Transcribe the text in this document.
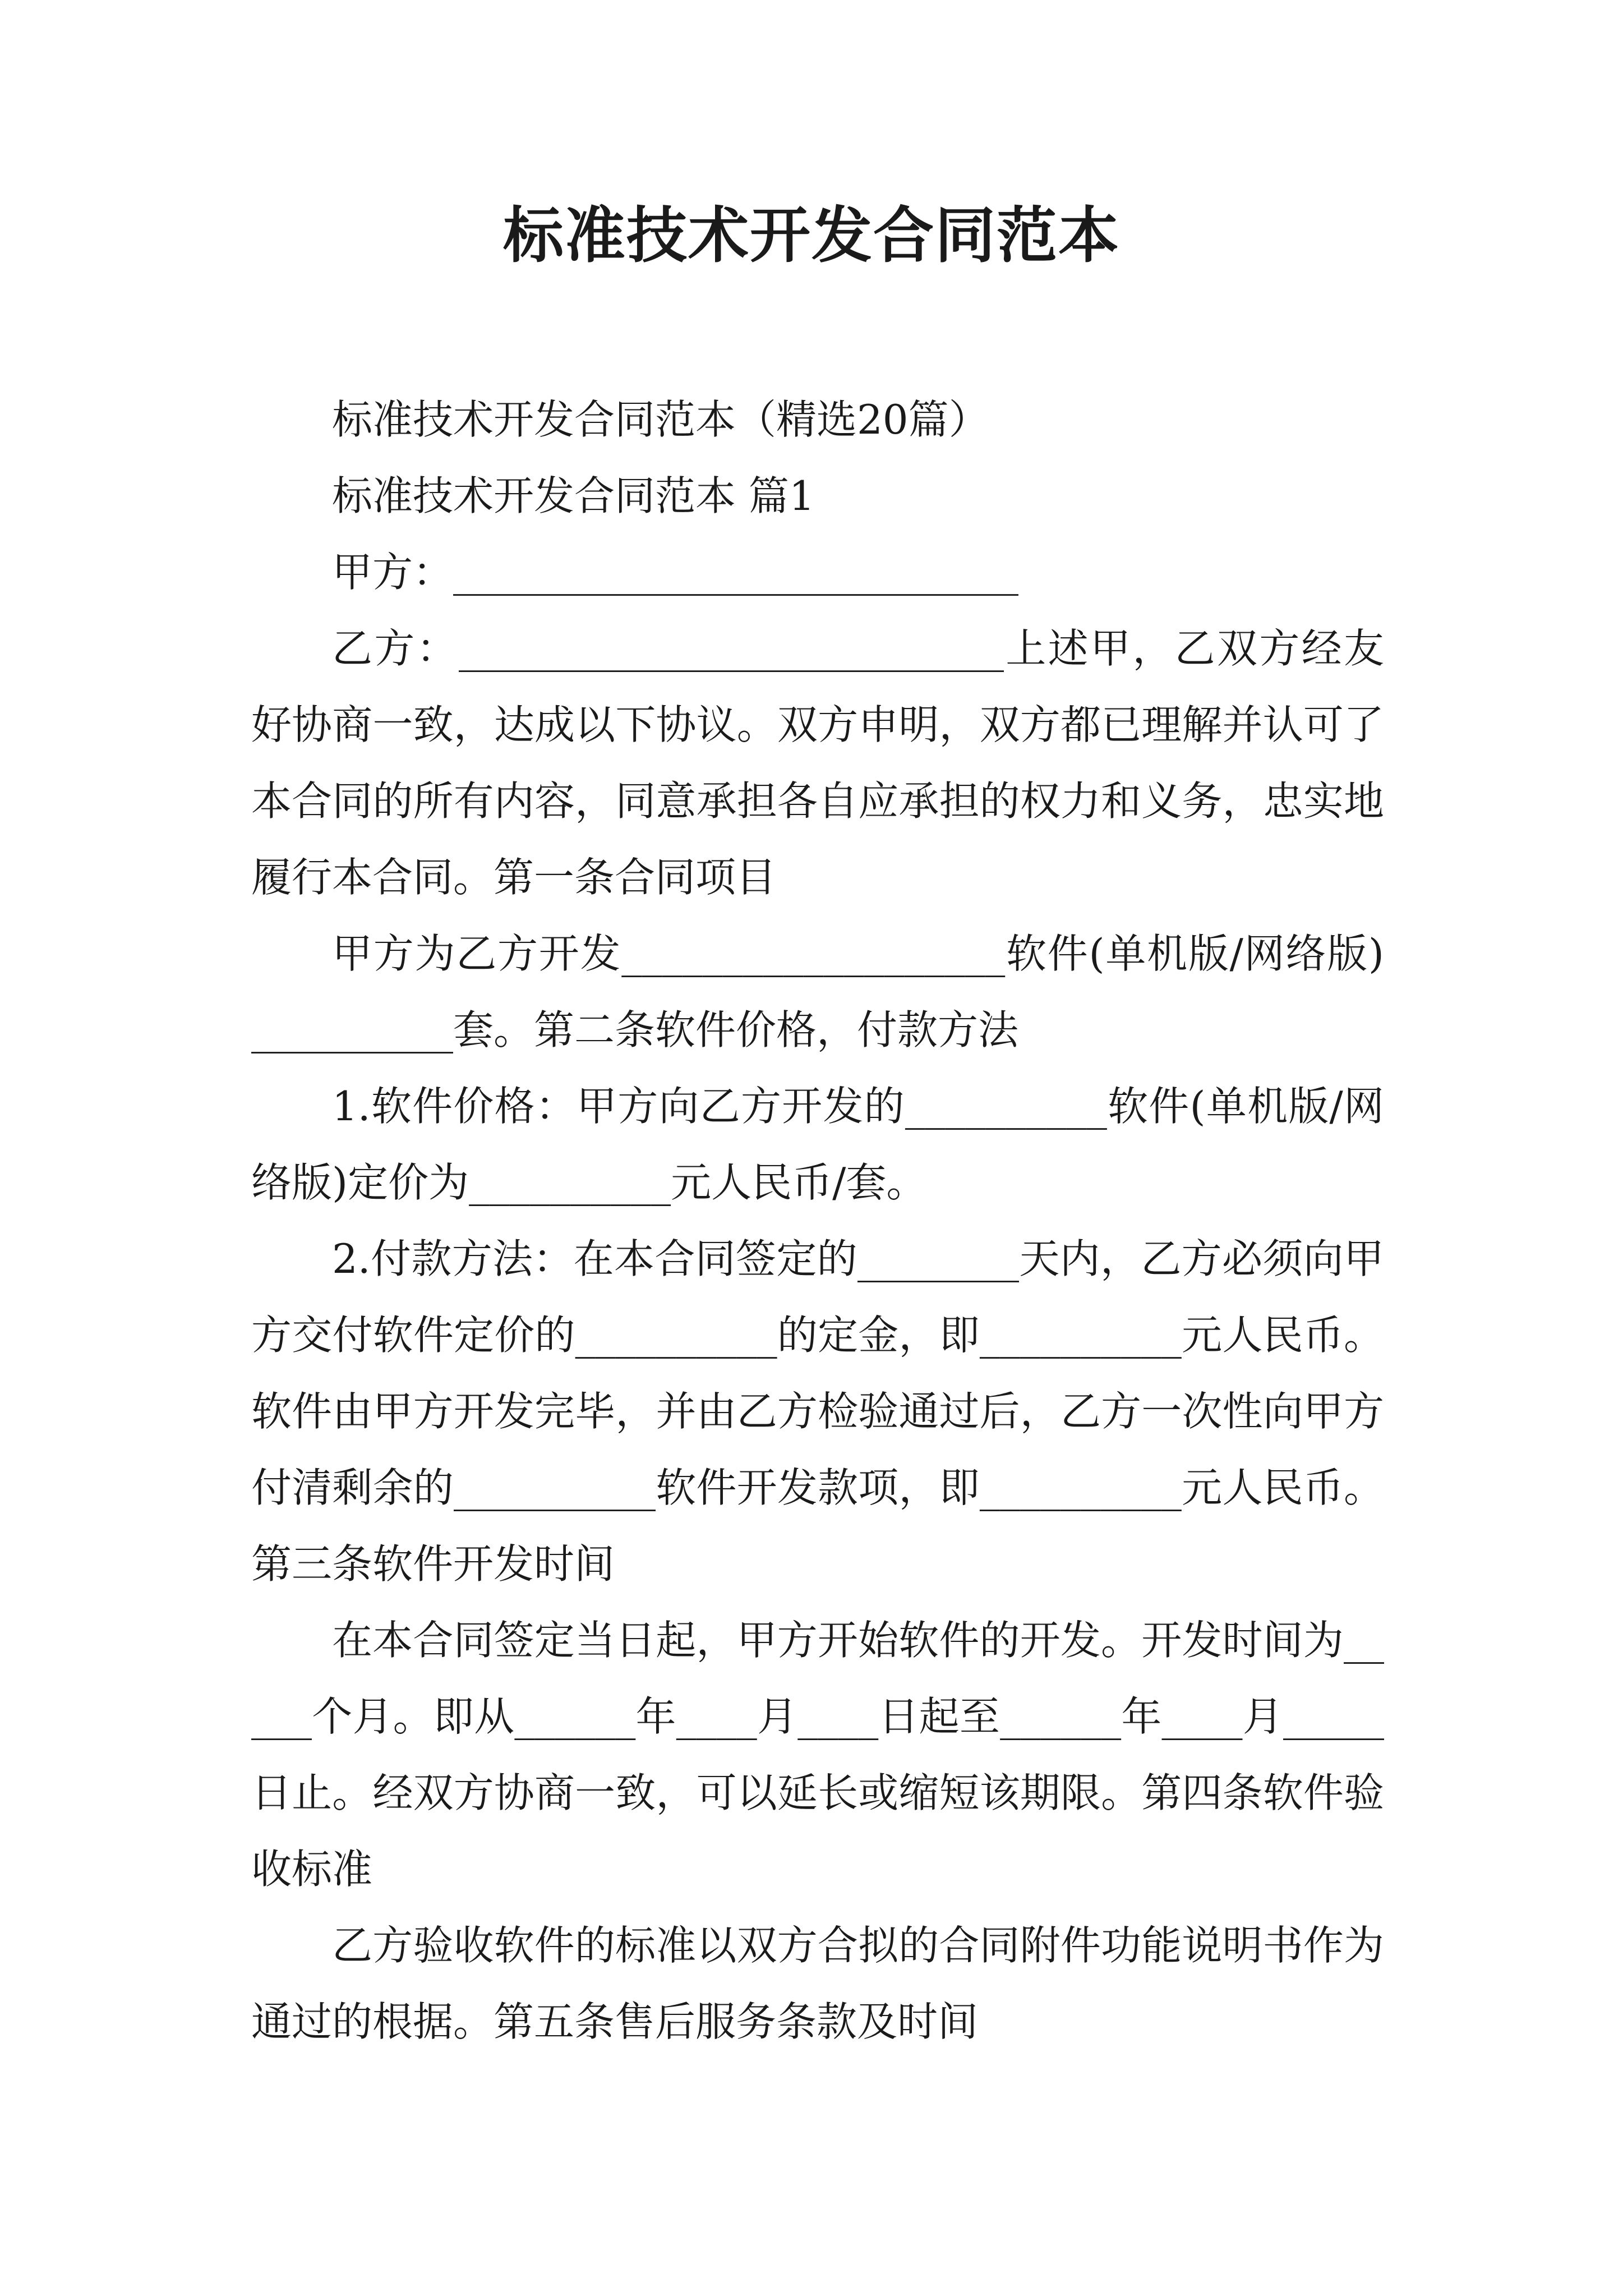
标准技术开发合同范本

标准技术开发合同范本（精选20篇）

标准技术开发合同范本 篇1

甲方：____________________________

乙方：___________________________上述甲，乙双方经友好协商一致，达成以下协议。双方申明，双方都已理解并认可了本合同的所有内容，同意承担各自应承担的权力和义务，忠实地履行本合同。第一条合同项目

甲方为乙方开发___________________软件(单机版/网络版)__________套。第二条软件价格，付款方法

1.软件价格：甲方向乙方开发的__________软件(单机版/网络版)定价为__________元人民币/套。

2.付款方法：在本合同签定的________天内，乙方必须向甲方交付软件定价的__________的定金，即__________元人民币。软件由甲方开发完毕，并由乙方检验通过后，乙方一次性向甲方付清剩余的__________软件开发款项，即__________元人民币。第三条软件开发时间

在本合同签定当日起，甲方开始软件的开发。开发时间为_____个月。即从______年____月____日起至______年____月_____日止。经双方协商一致，可以延长或缩短该期限。第四条软件验收标准

乙方验收软件的标准以双方合拟的合同附件功能说明书作为通过的根据。第五条售后服务条款及时间
